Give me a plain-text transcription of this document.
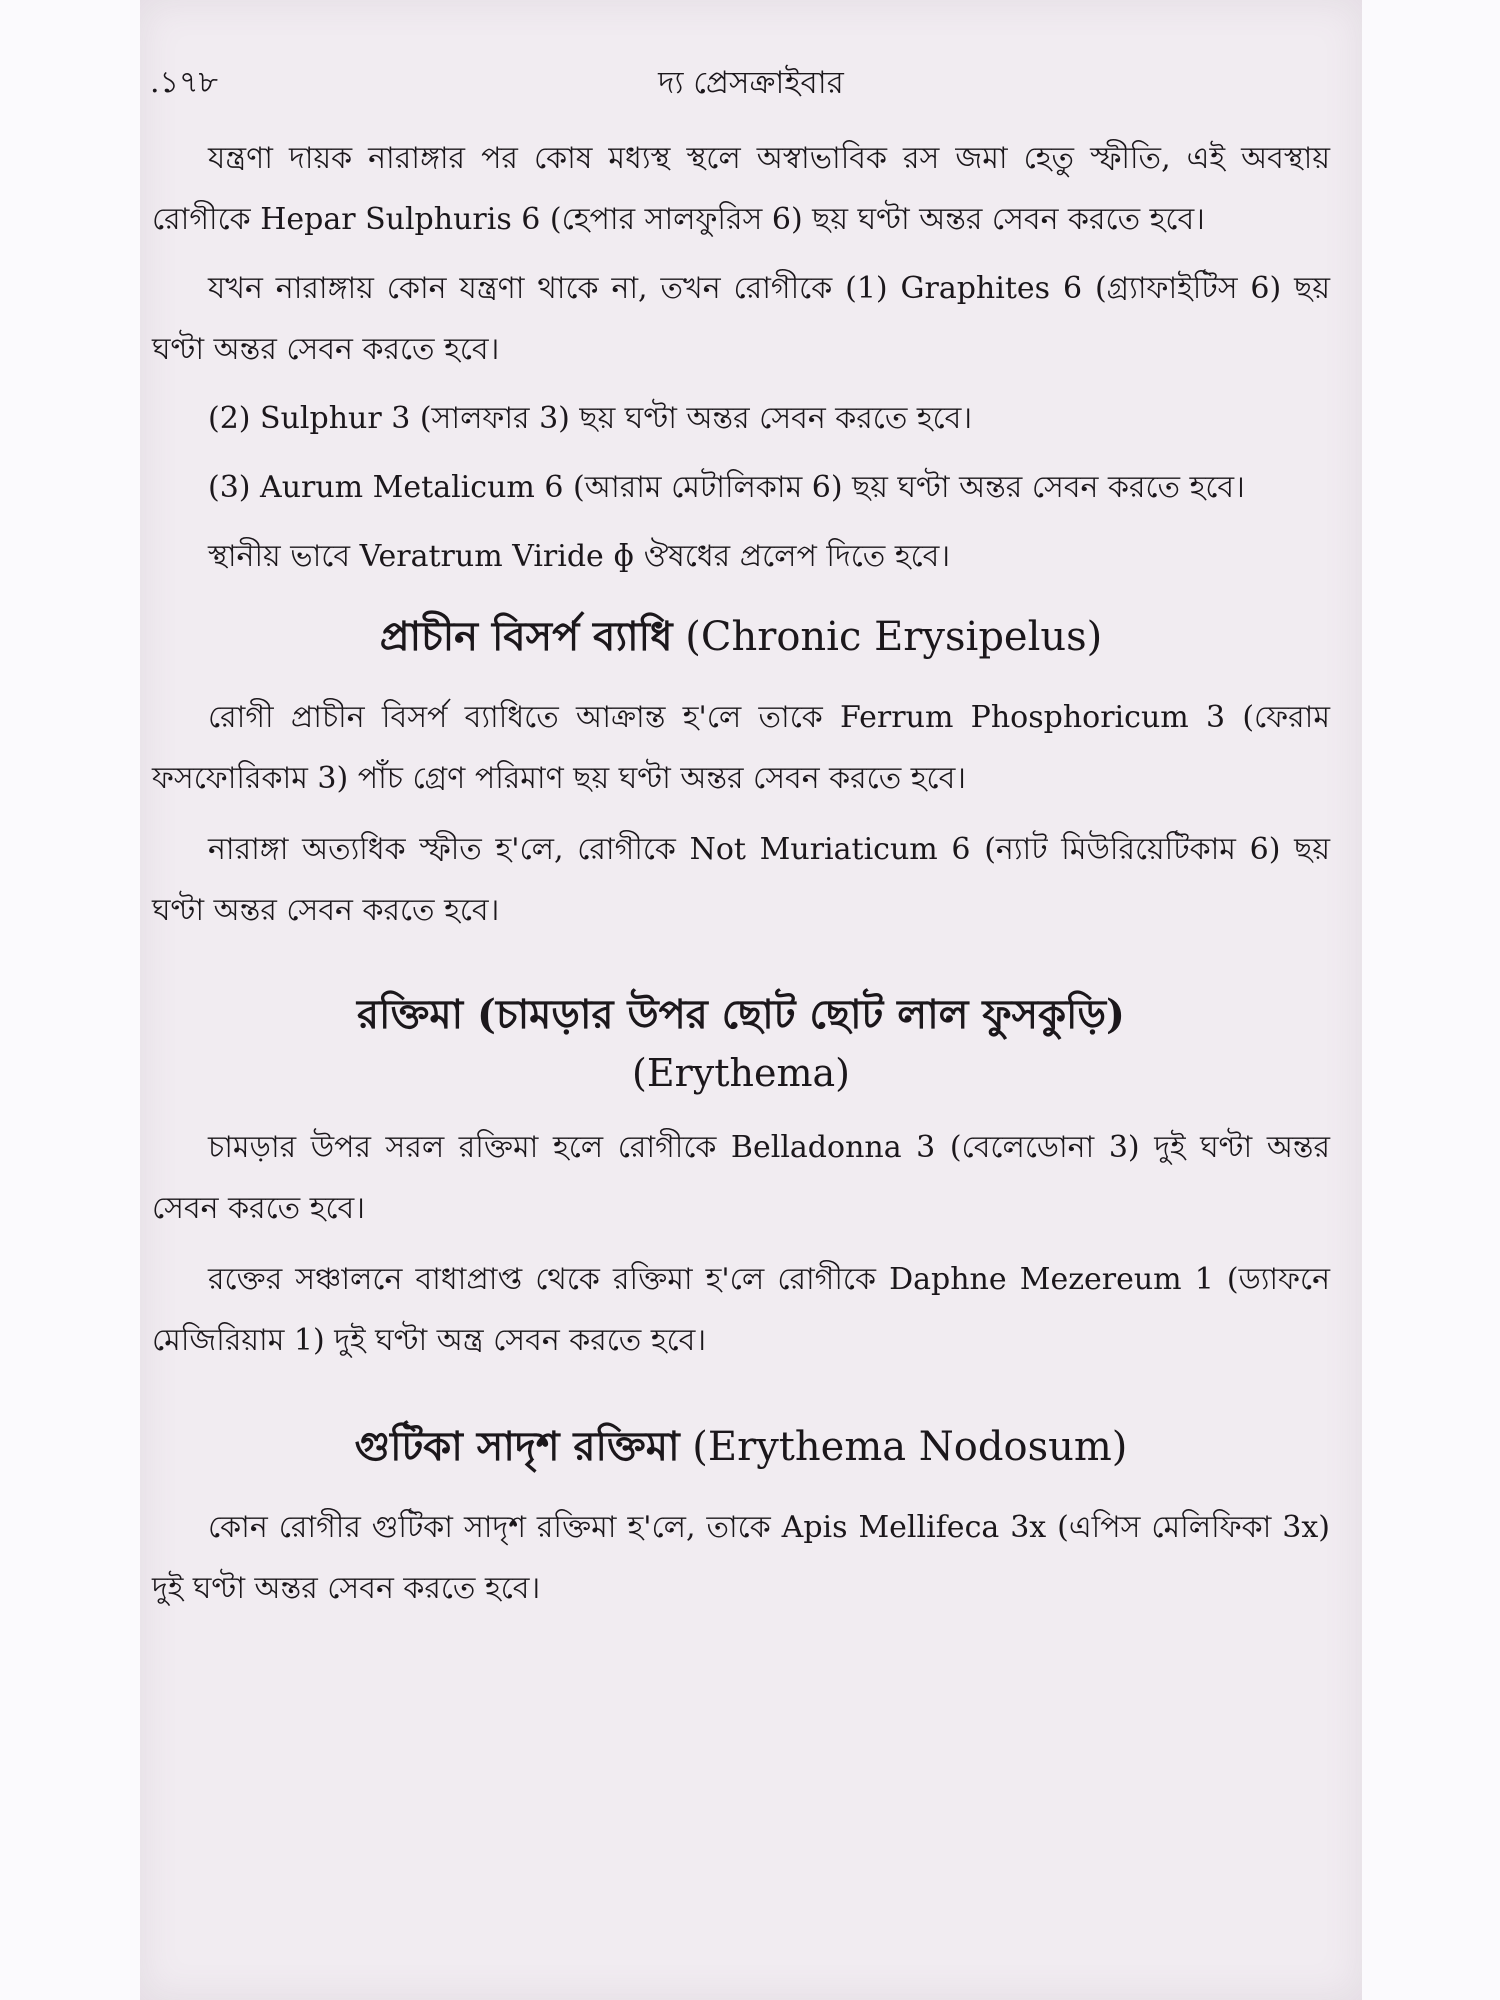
.১৭৮	দ্য প্রেসক্রাইবার

যন্ত্রণা দায়ক নারাঙ্গার পর কোষ মধ্যস্থ স্থলে অস্বাভাবিক রস জমা হেতু স্ফীতি, এই অবস্থায় রোগীকে Hepar Sulphuris 6 (হেপার সালফুরিস 6) ছয় ঘণ্টা অন্তর সেবন করতে হবে।

যখন নারাঙ্গায় কোন যন্ত্রণা থাকে না, তখন রোগীকে (1) Graphites 6 (গ্র্যাফাইটিস 6) ছয় ঘণ্টা অন্তর সেবন করতে হবে।

(2) Sulphur 3 (সালফার 3) ছয় ঘণ্টা অন্তর সেবন করতে হবে।

(3) Aurum Metalicum 6 (আরাম মেটালিকাম 6) ছয় ঘণ্টা অন্তর সেবন করতে হবে।

স্থানীয় ভাবে Veratrum Viride ɸ ঔষধের প্রলেপ দিতে হবে।

প্রাচীন বিসর্প ব্যাধি (Chronic Erysipelus)

রোগী প্রাচীন বিসর্প ব্যাধিতে আক্রান্ত হ'লে তাকে Ferrum Phosphoricum 3 (ফেরাম ফসফোরিকাম 3) পাঁচ গ্রেণ পরিমাণ ছয় ঘণ্টা অন্তর সেবন করতে হবে।

নারাঙ্গা অত্যধিক স্ফীত হ'লে, রোগীকে Not Muriaticum 6 (ন্যাট মিউরিয়েটিকাম 6) ছয় ঘণ্টা অন্তর সেবন করতে হবে।

রক্তিমা (চামড়ার উপর ছোট ছোট লাল ফুসকুড়ি)
(Erythema)

চামড়ার উপর সরল রক্তিমা হলে রোগীকে Belladonna 3 (বেলেডোনা 3) দুই ঘণ্টা অন্তর সেবন করতে হবে।

রক্তের সঞ্চালনে বাধাপ্রাপ্ত থেকে রক্তিমা হ'লে রোগীকে Daphne Mezereum 1 (ড্যাফনে মেজিরিয়াম 1) দুই ঘণ্টা অন্ত্র সেবন করতে হবে।

গুটিকা সাদৃশ রক্তিমা (Erythema Nodosum)

কোন রোগীর গুটিকা সাদৃশ রক্তিমা হ'লে, তাকে Apis Mellifeca 3x (এপিস মেলিফিকা 3x) দুই ঘণ্টা অন্তর সেবন করতে হবে।
